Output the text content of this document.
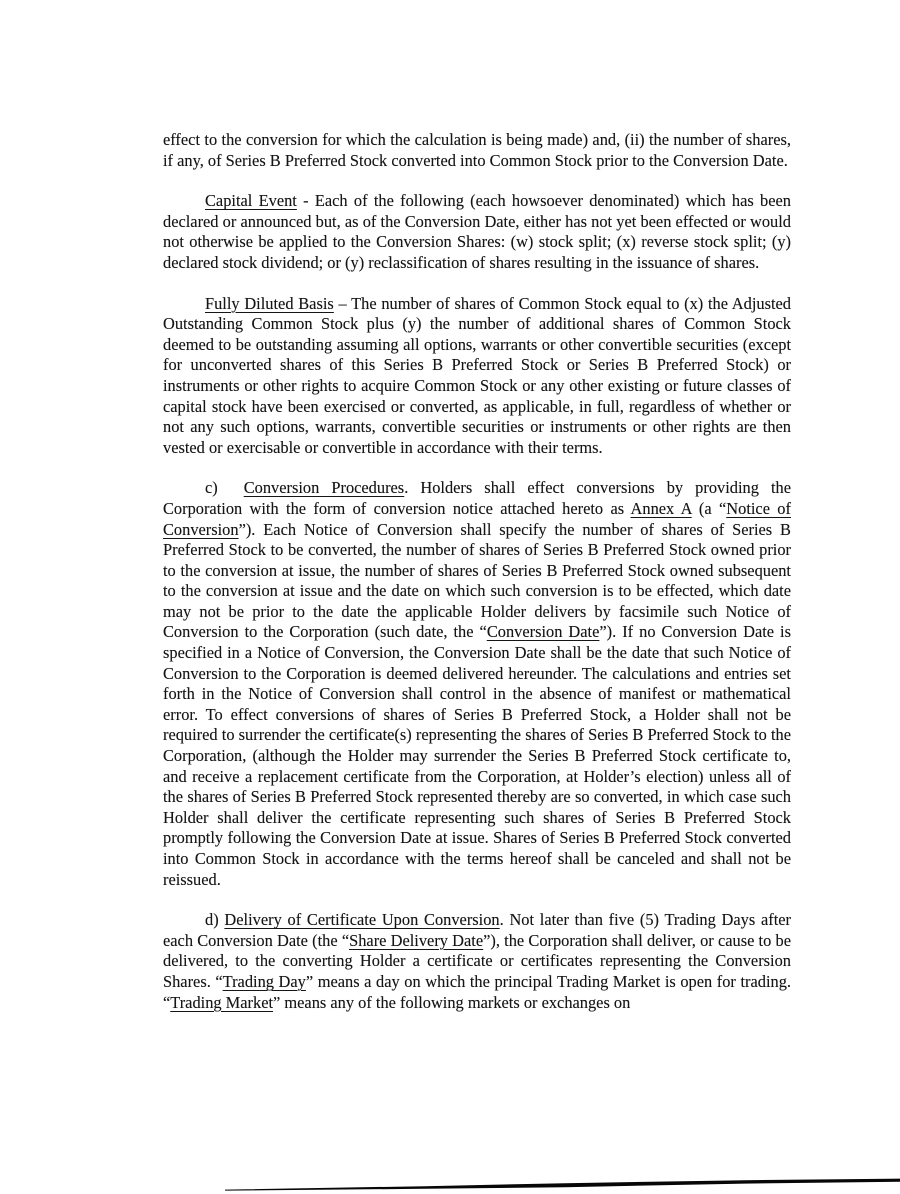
effect to the conversion for which the calculation is being made) and, (ii) the number of shares, if any, of Series B Preferred Stock converted into Common Stock prior to the Conversion Date.

Capital Event - Each of the following (each howsoever denominated) which has been declared or announced but, as of the Conversion Date, either has not yet been effected or would not otherwise be applied to the Conversion Shares: (w) stock split; (x) reverse stock split; (y) declared stock dividend; or (y) reclassification of shares resulting in the issuance of shares.

Fully Diluted Basis – The number of shares of Common Stock equal to (x) the Adjusted Outstanding Common Stock plus (y) the number of additional shares of Common Stock deemed to be outstanding assuming all options, warrants or other convertible securities (except for unconverted shares of this Series B Preferred Stock or Series B Preferred Stock) or instruments or other rights to acquire Common Stock or any other existing or future classes of capital stock have been exercised or converted, as applicable, in full, regardless of whether or not any such options, warrants, convertible securities or instruments or other rights are then vested or exercisable or convertible in accordance with their terms.

c) Conversion Procedures. Holders shall effect conversions by providing the Corporation with the form of conversion notice attached hereto as Annex A (a “Notice of Conversion”). Each Notice of Conversion shall specify the number of shares of Series B Preferred Stock to be converted, the number of shares of Series B Preferred Stock owned prior to the conversion at issue, the number of shares of Series B Preferred Stock owned subsequent to the conversion at issue and the date on which such conversion is to be effected, which date may not be prior to the date the applicable Holder delivers by facsimile such Notice of Conversion to the Corporation (such date, the “Conversion Date”). If no Conversion Date is specified in a Notice of Conversion, the Conversion Date shall be the date that such Notice of Conversion to the Corporation is deemed delivered hereunder. The calculations and entries set forth in the Notice of Conversion shall control in the absence of manifest or mathematical error. To effect conversions of shares of Series B Preferred Stock, a Holder shall not be required to surrender the certificate(s) representing the shares of Series B Preferred Stock to the Corporation, (although the Holder may surrender the Series B Preferred Stock certificate to, and receive a replacement certificate from the Corporation, at Holder’s election) unless all of the shares of Series B Preferred Stock represented thereby are so converted, in which case such Holder shall deliver the certificate representing such shares of Series B Preferred Stock promptly following the Conversion Date at issue. Shares of Series B Preferred Stock converted into Common Stock in accordance with the terms hereof shall be canceled and shall not be reissued.

d) Delivery of Certificate Upon Conversion. Not later than five (5) Trading Days after each Conversion Date (the “Share Delivery Date”), the Corporation shall deliver, or cause to be delivered, to the converting Holder a certificate or certificates representing the Conversion Shares. “Trading Day” means a day on which the principal Trading Market is open for trading. “Trading Market” means any of the following markets or exchanges on
